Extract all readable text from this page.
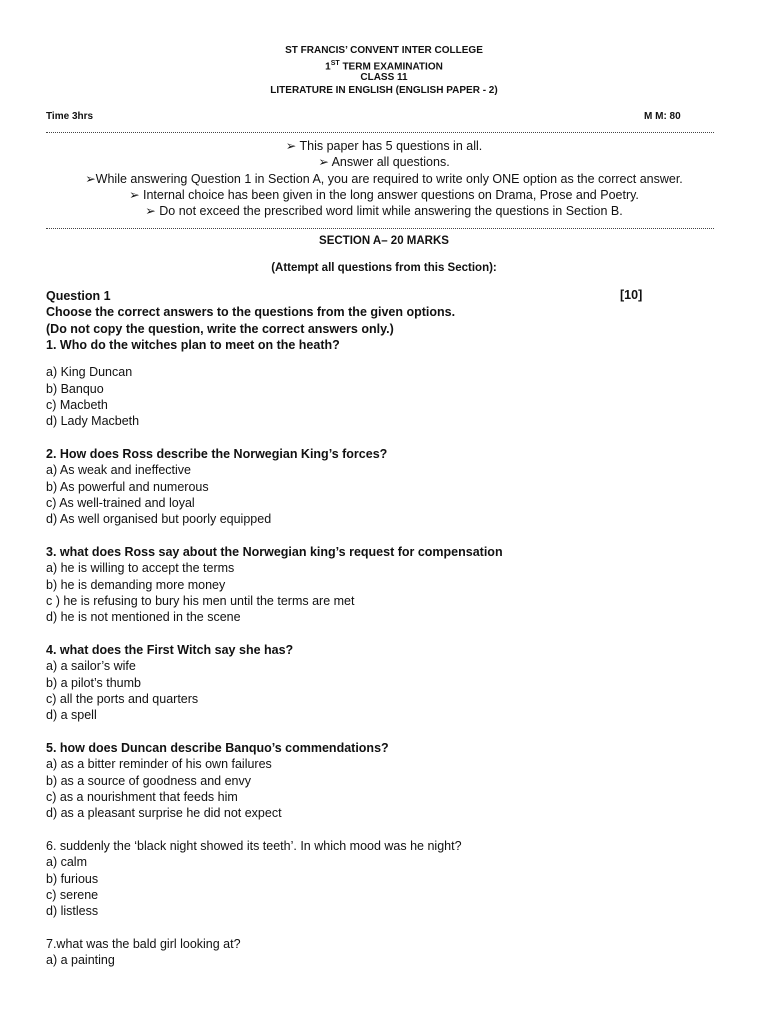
ST FRANCIS’ CONVENT INTER COLLEGE
1ST TERM EXAMINATION
CLASS 11
LITERATURE IN ENGLISH (ENGLISH PAPER - 2)
Time 3hrs	M M: 80
➢ This paper has 5 questions in all.
➢ Answer all questions.
➢While answering Question 1 in Section A, you are required to write only ONE option as the correct answer.
➢ Internal choice has been given in the long answer questions on Drama, Prose and Poetry.
➢ Do not exceed the prescribed word limit while answering the questions in Section B.
SECTION A– 20 MARKS
(Attempt all questions from this Section):
Question 1	[10]
Choose the correct answers to the questions from the given options.
(Do not copy the question, write the correct answers only.)
1. Who do the witches plan to meet on the heath?
a) King Duncan
b) Banquo
c) Macbeth
d) Lady Macbeth
2. How does Ross describe the Norwegian King’s forces?
a) As weak and ineffective
b) As powerful and numerous
c) As well-trained and loyal
d) As well organised but poorly equipped
3. what does Ross say about the Norwegian king’s request for compensation
a) he is willing to accept the terms
b) he is demanding more money
c ) he is refusing to bury his men until the terms are met
d) he is not mentioned in the scene
4. what does the First Witch say she has?
a) a sailor’s wife
b) a pilot’s thumb
c) all the ports and quarters
d) a spell
5. how does Duncan describe Banquo’s commendations?
a) as a bitter reminder of his own failures
b) as a source of goodness and envy
c) as a nourishment that feeds him
d) as a pleasant surprise he did not expect
6. suddenly the ‘black night showed its teeth’. In which mood was he night?
a) calm
b) furious
c) serene
d) listless
7.what was the bald girl looking at?
a) a painting
